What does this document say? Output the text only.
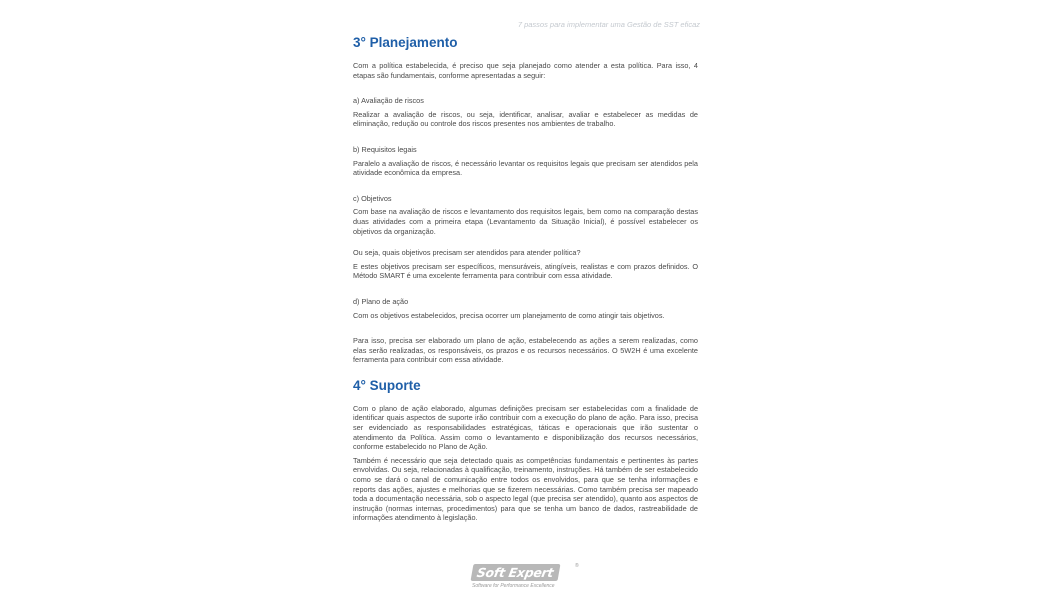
7 passos para implementar uma Gestão de SST eficaz
3° Planejamento

Com a política estabelecida, é preciso que seja planejado como atender a esta política. Para isso, 4 etapas são fundamentais, conforme apresentadas a seguir:

a) Avaliação de riscos

Realizar a avaliação de riscos, ou seja, identificar, analisar, avaliar e estabelecer as medidas de eliminação, redução ou controle dos riscos presentes nos ambientes de trabalho.

b) Requisitos legais

Paralelo a avaliação de riscos, é necessário levantar os requisitos legais que precisam ser atendidos pela atividade econômica da empresa.

c) Objetivos

Com base na avaliação de riscos e levantamento dos requisitos legais, bem como na comparação destas duas atividades com a primeira etapa (Levantamento da Situação Inicial), é possível estabelecer os objetivos da organização.

Ou seja, quais objetivos precisam ser atendidos para atender política?

E estes objetivos precisam ser específicos, mensuráveis, atingíveis, realistas e com prazos definidos. O Método SMART é uma excelente ferramenta para contribuir com essa atividade.

d) Plano de ação

Com os objetivos estabelecidos, precisa ocorrer um planejamento de como atingir tais objetivos.

Para isso, precisa ser elaborado um plano de ação, estabelecendo as ações a serem realizadas, como elas serão realizadas, os responsáveis, os prazos e os recursos necessários. O 5W2H é uma excelente ferramenta para contribuir com essa atividade.

4° Suporte

Com o plano de ação elaborado, algumas definições precisam ser estabelecidas com a finalidade de identificar quais aspectos de suporte irão contribuir com a execução do plano de ação. Para isso, precisa ser evidenciado as responsabilidades estratégicas, táticas e operacionais que irão sustentar o atendimento da Política. Assim como o levantamento e disponibilização dos recursos necessários, conforme estabelecido no Plano de Ação.

Também é necessário que seja detectado quais as competências fundamentais e pertinentes às partes envolvidas. Ou seja, relacionadas à qualificação, treinamento, instruções. Há também de ser estabelecido como se dará o canal de comunicação entre todos os envolvidos, para que se tenha informações e reports das ações, ajustes e melhorias que se fizerem necessárias. Como também precisa ser mapeado toda a documentação necessária, sob o aspecto legal (que precisa ser atendido), quanto aos aspectos de instrução (normas internas, procedimentos) para que se tenha um banco de dados, rastreabilidade de informações atendimento à legislação.

Soft Expert	®
Software for Performance Excellence
